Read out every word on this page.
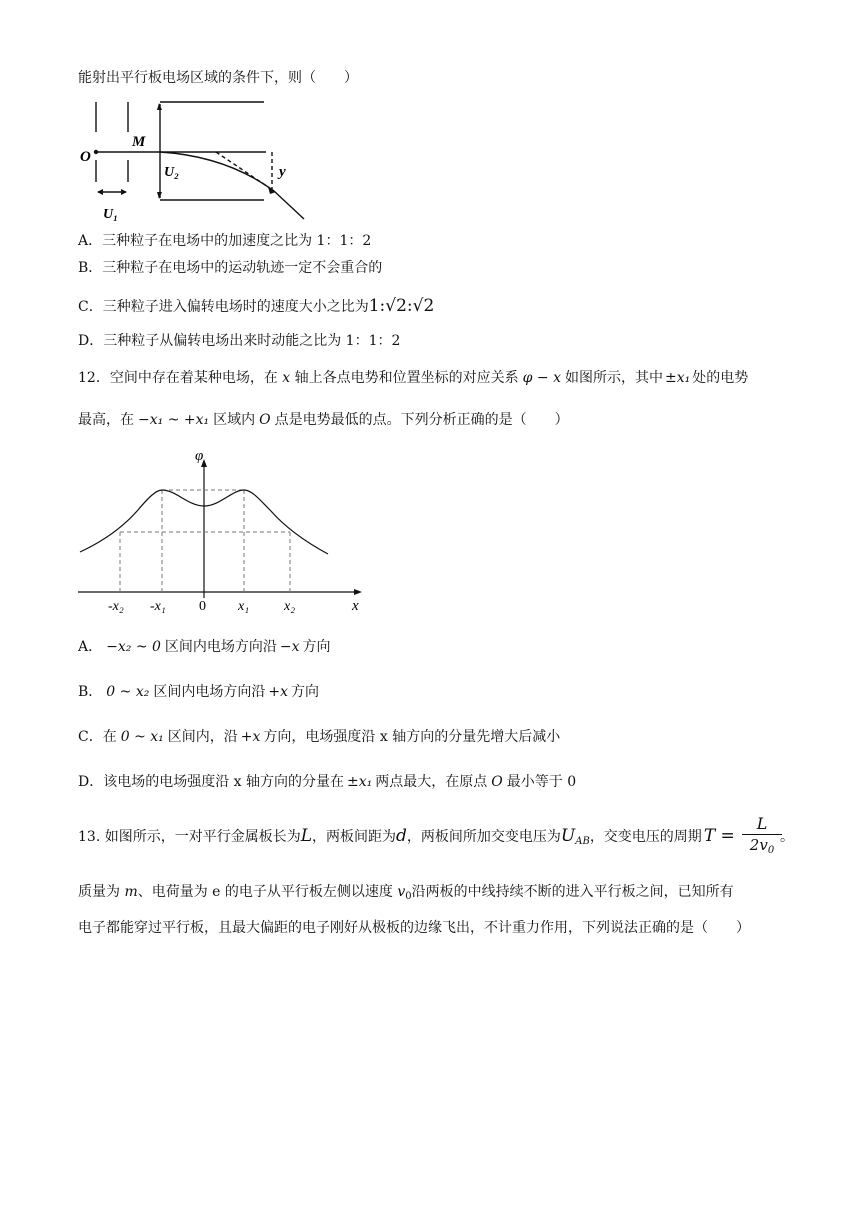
能射出平行板电场区域的条件下，则（　　）
O
M
U₂
U₁
y
A．三种粒子在电场中的加速度之比为 1：1：2
B．三种粒子在电场中的运动轨迹一定不会重合的
C．三种粒子进入偏转电场时的速度大小之比为1:√2:√2
D．三种粒子从偏转电场出来时动能之比为 1：1：2
12．空间中存在着某种电场，在 x 轴上各点电势和位置坐标的对应关系 φ − x 如图所示，其中 ±x₁ 处的电势
最高，在 −x₁ ~ +x₁ 区域内 O 点是电势最低的点。下列分析正确的是（　　）
φ
x
-x₂ -x₁ 0 x₁ x₂
A． −x₂ ~ 0 区间内电场方向沿 −x 方向
B． 0 ~ x₂ 区间内电场方向沿 +x 方向
C．在 0 ~ x₁ 区间内，沿 +x 方向，电场强度沿 x 轴方向的分量先增大后减小
D．该电场的电场强度沿 x 轴方向的分量在 ±x₁ 两点最大，在原点 O 最小等于 0
13. 如图所示，一对平行金属板长为L，两板间距为d，两板间所加交变电压为$U_{AB}$，交变电压的周期 $T = \frac{L}{2v_0}$
。
质量为 m、电荷量为 e 的电子从平行板左侧以速度 $v_0$沿两板的中线持续不断的进入平行板之间，已知所有
电子都能穿过平行板，且最大偏距的电子刚好从极板的边缘飞出，不计重力作用，下列说法正确的是（　　）
